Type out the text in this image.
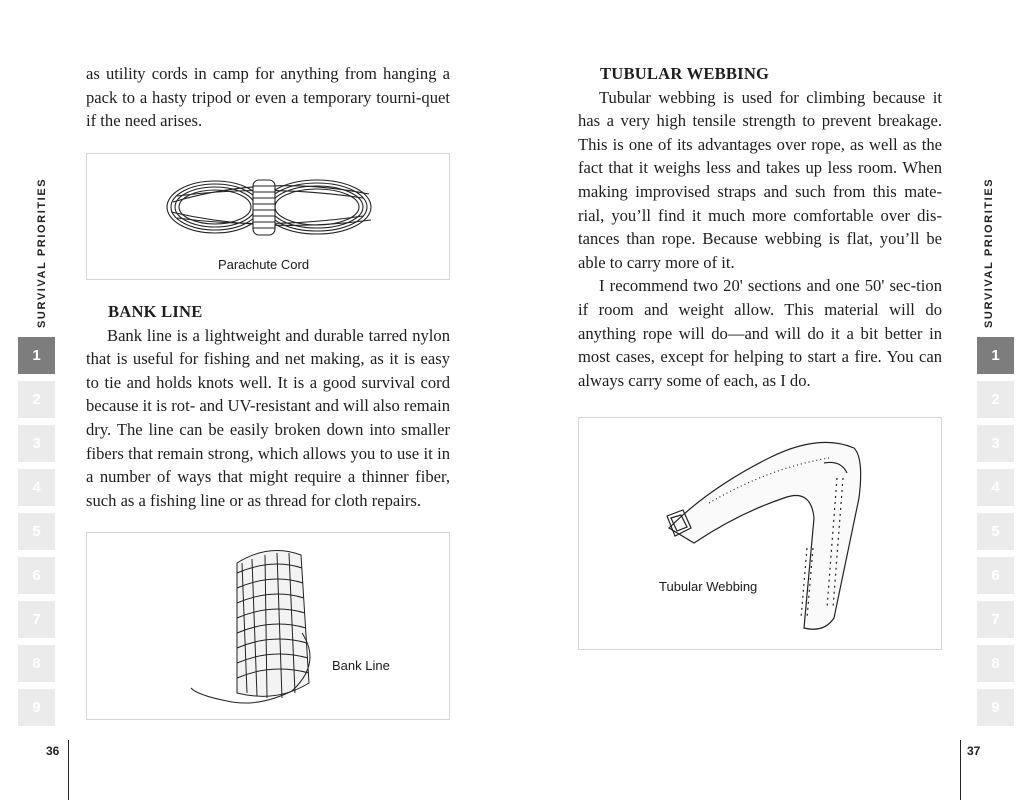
SURVIVAL PRIORITIES
1
2
3
4
5
6
7
8
9

as utility cords in camp for anything from hanging a pack to a hasty tripod or even a temporary tourni-quet if the need arises.

Parachute Cord
BANK LINE

Bank line is a lightweight and durable tarred nylon that is useful for fishing and net making, as it is easy to tie and holds knots well. It is a good survival cord because it is rot- and UV-resistant and will also remain dry. The line can be easily broken down into smaller fibers that remain strong, which allows you to use it in a number of ways that might require a thinner fiber, such as a fishing line or as thread for cloth repairs.

Bank Line
36
TUBULAR WEBBING

Tubular webbing is used for climbing because it has a very high tensile strength to prevent breakage. This is one of its advantages over rope, as well as the fact that it weighs less and takes up less room. When making improvised straps and such from this mate-rial, you’ll find it much more comfortable over dis-tances than rope. Because webbing is flat, you’ll be able to carry more of it.

I recommend two 20' sections and one 50' sec-tion if room and weight allow. This material will do anything rope will do—and will do it a bit better in most cases, except for helping to start a fire. You can always carry some of each, as I do.

Tubular Webbing
SURVIVAL PRIORITIES
1
2
3
4
5
6
7
8
9
37
